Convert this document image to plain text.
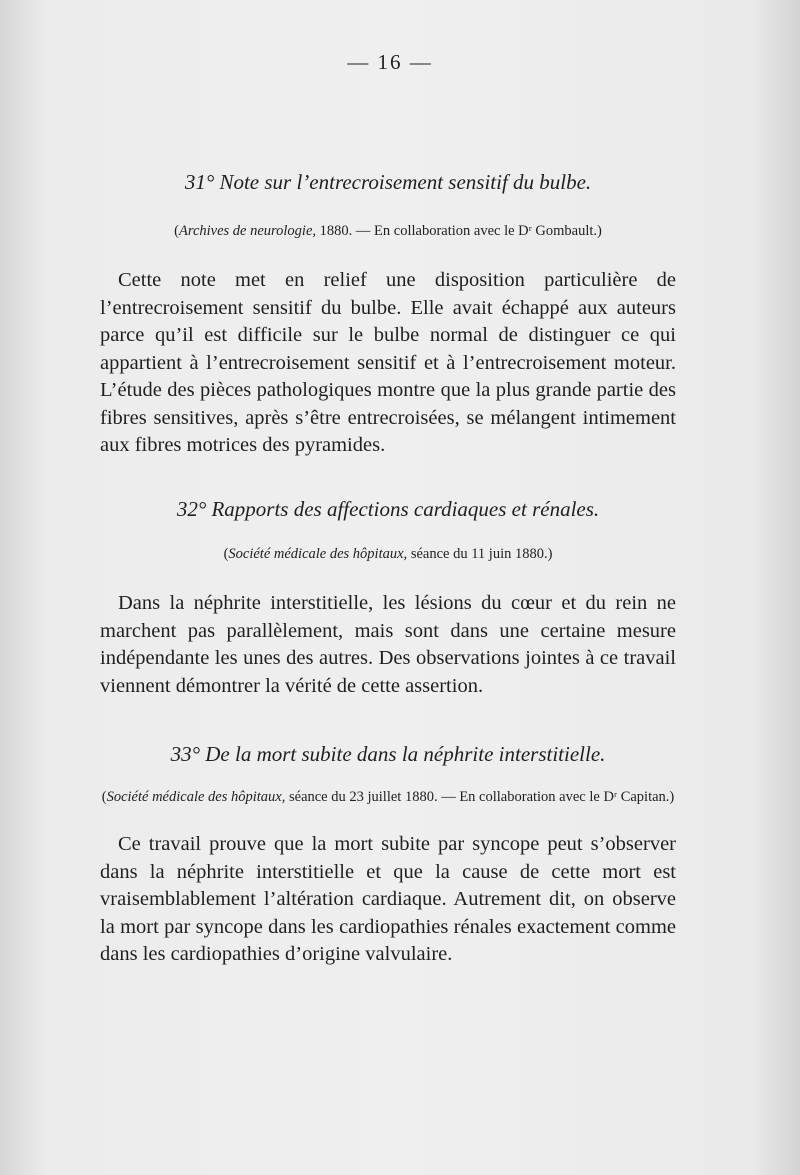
— 16 —

31° Note sur l’entrecroisement sensitif du bulbe.

(Archives de neurologie, 1880. — En collaboration avec le Dʳ Gombault.)

Cette note met en relief une disposition particulière de l’entrecroisement sensitif du bulbe. Elle avait échappé aux auteurs parce qu’il est difficile sur le bulbe normal de distinguer ce qui appartient à l’entrecroisement sensitif et à l’entrecroisement moteur. L’étude des pièces pathologiques montre que la plus grande partie des fibres sensitives, après s’être entrecroisées, se mélangent intimement aux fibres motrices des pyramides.

32° Rapports des affections cardiaques et rénales.

(Société médicale des hôpitaux, séance du 11 juin 1880.)

Dans la néphrite interstitielle, les lésions du cœur et du rein ne marchent pas parallèlement, mais sont dans une certaine mesure indépendante les unes des autres. Des observations jointes à ce travail viennent démontrer la vérité de cette assertion.

33° De la mort subite dans la néphrite interstitielle.

(Société médicale des hôpitaux, séance du 23 juillet 1880. — En collaboration avec le Dʳ Capitan.)

Ce travail prouve que la mort subite par syncope peut s’observer dans la néphrite interstitielle et que la cause de cette mort est vraisemblablement l’altération cardiaque. Autrement dit, on observe la mort par syncope dans les cardiopathies rénales exactement comme dans les cardiopathies d’origine valvulaire.
